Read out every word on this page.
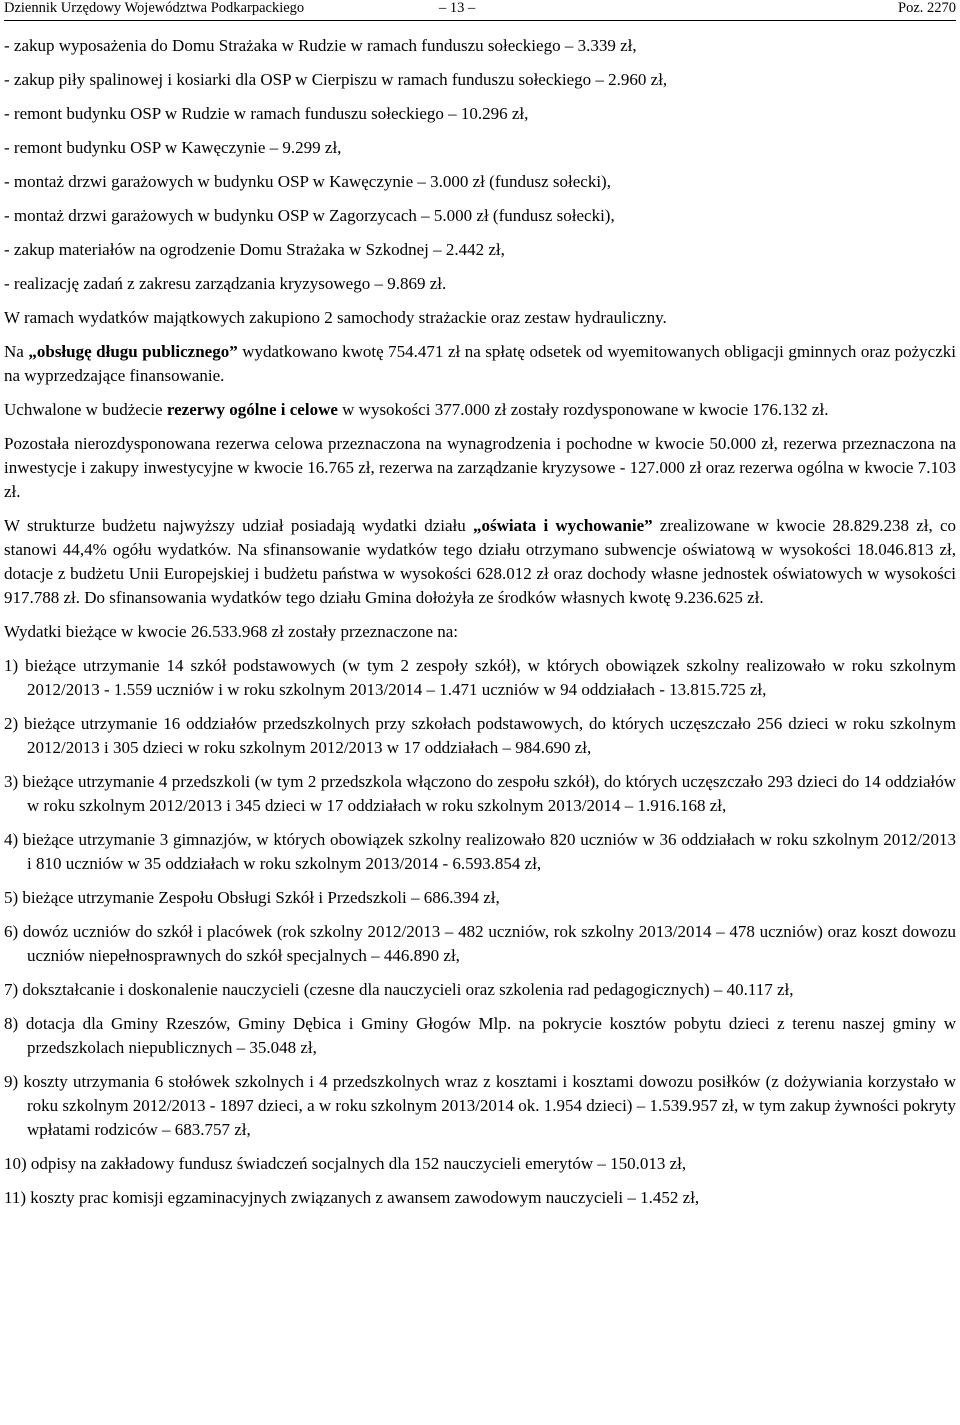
Dziennik Urzędowy Województwa Podkarpackiego	– 13 –	Poz. 2270
- zakup wyposażenia do Domu Strażaka w Rudzie w ramach funduszu sołeckiego – 3.339 zł,
- zakup piły spalinowej i kosiarki dla OSP w Cierpiszu w ramach funduszu sołeckiego – 2.960 zł,
- remont budynku OSP w Rudzie w ramach funduszu sołeckiego – 10.296 zł,
- remont budynku OSP w Kawęczynie – 9.299 zł,
- montaż drzwi garażowych w budynku OSP w Kawęczynie – 3.000 zł (fundusz sołecki),
- montaż drzwi garażowych w budynku OSP w Zagorzycach – 5.000 zł (fundusz sołecki),
- zakup materiałów na ogrodzenie Domu Strażaka w Szkodnej – 2.442 zł,
- realizację zadań z zakresu zarządzania kryzysowego – 9.869 zł.

W ramach wydatków majątkowych zakupiono 2 samochody strażackie oraz zestaw hydrauliczny.

Na „obsługę długu publicznego” wydatkowano kwotę 754.471 zł na spłatę odsetek od wyemitowanych obligacji gminnych oraz pożyczki na wyprzedzające finansowanie.

Uchwalone w budżecie rezerwy ogólne i celowe w wysokości 377.000 zł zostały rozdysponowane w kwocie 176.132 zł.

Pozostała nierozdysponowana rezerwa celowa przeznaczona na wynagrodzenia i pochodne w kwocie 50.000 zł, rezerwa przeznaczona na inwestycje i zakupy inwestycyjne w kwocie 16.765 zł, rezerwa na zarządzanie kryzysowe - 127.000 zł oraz rezerwa ogólna w kwocie 7.103 zł.

W strukturze budżetu najwyższy udział posiadają wydatki działu „oświata i wychowanie” zrealizowane w kwocie 28.829.238 zł, co stanowi 44,4% ogółu wydatków. Na sfinansowanie wydatków tego działu otrzymano subwencje oświatową w wysokości 18.046.813 zł, dotacje z budżetu Unii Europejskiej i budżetu państwa w wysokości 628.012 zł oraz dochody własne jednostek oświatowych w wysokości 917.788 zł. Do sfinansowania wydatków tego działu Gmina dołożyła ze środków własnych kwotę 9.236.625 zł.

Wydatki bieżące w kwocie 26.533.968 zł zostały przeznaczone na:

1) bieżące utrzymanie 14 szkół podstawowych (w tym 2 zespoły szkół), w których obowiązek szkolny realizowało w roku szkolnym 2012/2013 - 1.559 uczniów i w roku szkolnym 2013/2014 – 1.471 uczniów w 94 oddziałach - 13.815.725 zł,
2) bieżące utrzymanie 16 oddziałów przedszkolnych przy szkołach podstawowych, do których uczęszczało 256 dzieci w roku szkolnym 2012/2013 i 305 dzieci w roku szkolnym 2012/2013 w 17 oddziałach – 984.690 zł,
3) bieżące utrzymanie 4 przedszkoli (w tym 2 przedszkola włączono do zespołu szkół), do których uczęszczało 293 dzieci do 14 oddziałów w roku szkolnym 2012/2013 i 345 dzieci w 17 oddziałach w roku szkolnym 2013/2014 – 1.916.168 zł,
4) bieżące utrzymanie 3 gimnazjów, w których obowiązek szkolny realizowało 820 uczniów w 36 oddziałach w roku szkolnym 2012/2013 i 810 uczniów w 35 oddziałach w roku szkolnym 2013/2014 - 6.593.854 zł,
5) bieżące utrzymanie Zespołu Obsługi Szkół i Przedszkoli – 686.394 zł,
6) dowóz uczniów do szkół i placówek (rok szkolny 2012/2013 – 482 uczniów, rok szkolny 2013/2014 – 478 uczniów) oraz koszt dowozu uczniów niepełnosprawnych do szkół specjalnych – 446.890 zł,
7) dokształcanie i doskonalenie nauczycieli (czesne dla nauczycieli oraz szkolenia rad pedagogicznych) – 40.117 zł,
8) dotacja dla Gminy Rzeszów, Gminy Dębica i Gminy Głogów Mlp. na pokrycie kosztów pobytu dzieci z terenu naszej gminy w przedszkolach niepublicznych – 35.048 zł,
9) koszty utrzymania 6 stołówek szkolnych i 4 przedszkolnych wraz z kosztami i kosztami dowozu posiłków (z dożywiania korzystało w roku szkolnym 2012/2013 - 1897 dzieci, a w roku szkolnym 2013/2014 ok. 1.954 dzieci) – 1.539.957 zł, w tym zakup żywności pokryty wpłatami rodziców – 683.757 zł,
10) odpisy na zakładowy fundusz świadczeń socjalnych dla 152 nauczycieli emerytów – 150.013 zł,
11) koszty prac komisji egzaminacyjnych związanych z awansem zawodowym nauczycieli – 1.452 zł,
